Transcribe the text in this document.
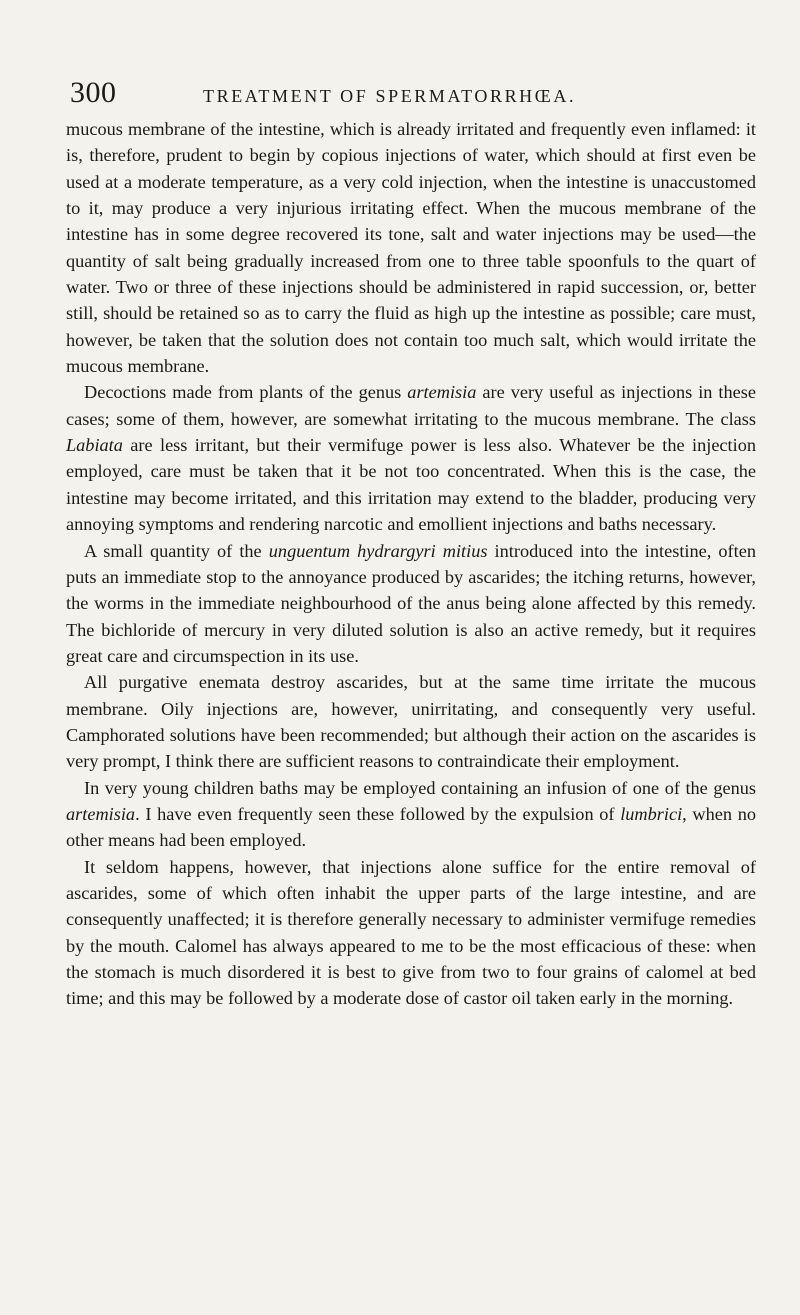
300	TREATMENT OF SPERMATORRHŒA.

mucous membrane of the intestine, which is already irritated and frequently even inflamed: it is, therefore, prudent to begin by copious injections of water, which should at first even be used at a moderate temperature, as a very cold injection, when the intestine is unaccustomed to it, may produce a very injurious irritating effect. When the mucous membrane of the intestine has in some degree recovered its tone, salt and water injections may be used—the quantity of salt being gradually increased from one to three table spoonfuls to the quart of water. Two or three of these injections should be administered in rapid succession, or, better still, should be retained so as to carry the fluid as high up the intestine as possible; care must, however, be taken that the solution does not contain too much salt, which would irritate the mucous membrane.

Decoctions made from plants of the genus artemisia are very useful as injections in these cases; some of them, however, are somewhat irritating to the mucous membrane. The class Labiata are less irritant, but their vermifuge power is less also. Whatever be the injection employed, care must be taken that it be not too concentrated. When this is the case, the intestine may become irritated, and this irritation may extend to the bladder, producing very annoying symptoms and rendering narcotic and emollient injections and baths necessary.

A small quantity of the unguentum hydrargyri mitius introduced into the intestine, often puts an immediate stop to the annoyance produced by ascarides; the itching returns, however, the worms in the immediate neighbourhood of the anus being alone affected by this remedy. The bichloride of mercury in very diluted solution is also an active remedy, but it requires great care and circumspection in its use.

All purgative enemata destroy ascarides, but at the same time irritate the mucous membrane. Oily injections are, however, unirritating, and consequently very useful. Camphorated solutions have been recommended; but although their action on the ascarides is very prompt, I think there are sufficient reasons to contraindicate their employment.

In very young children baths may be employed containing an infusion of one of the genus artemisia. I have even frequently seen these followed by the expulsion of lumbrici, when no other means had been employed.

It seldom happens, however, that injections alone suffice for the entire removal of ascarides, some of which often inhabit the upper parts of the large intestine, and are consequently unaffected; it is therefore generally necessary to administer vermifuge remedies by the mouth. Calomel has always appeared to me to be the most efficacious of these: when the stomach is much disordered it is best to give from two to four grains of calomel at bed time; and this may be followed by a moderate dose of castor oil taken early in the morning.
